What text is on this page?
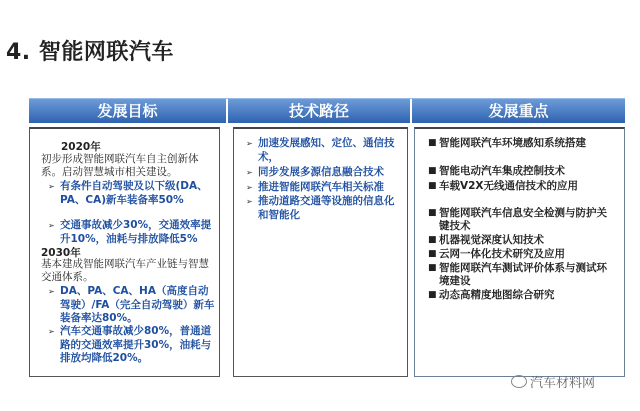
4. 智能网联汽车
发展目标	技术路径	发展重点
2020年
初步形成智能网联汽车自主创新体系。启动智慧城市相关建设。
➢ 有条件自动驾驶及以下级(DA、PA、CA)新车装备率50%
➢ 交通事故减少30%，交通效率提升10%，油耗与排放降低5%
2030年
基本建成智能网联汽车产业链与智慧交通体系。
➢ DA、PA、CA、HA（高度自动驾驶）/FA（完全自动驾驶）新车装备率达80%。
➢ 汽车交通事故减少80%，普通道路的交通效率提升30%，油耗与排放均降低20%。
➢ 加速发展感知、定位、通信技术，
➢ 同步发展多源信息融合技术
➢ 推进智能网联汽车相关标准
➢ 推动道路交通等设施的信息化和智能化
■ 智能网联汽车环境感知系统搭建
■ 智能电动汽车集成控制技术
■ 车载V2X无线通信技术的应用
■ 智能网联汽车信息安全检测与防护关键技术
■ 机器视觉深度认知技术
■ 云网一体化技术研究及应用
■ 智能网联汽车测试评价体系与测试环境建设
■ 动态高精度地图综合研究
汽车材料网
